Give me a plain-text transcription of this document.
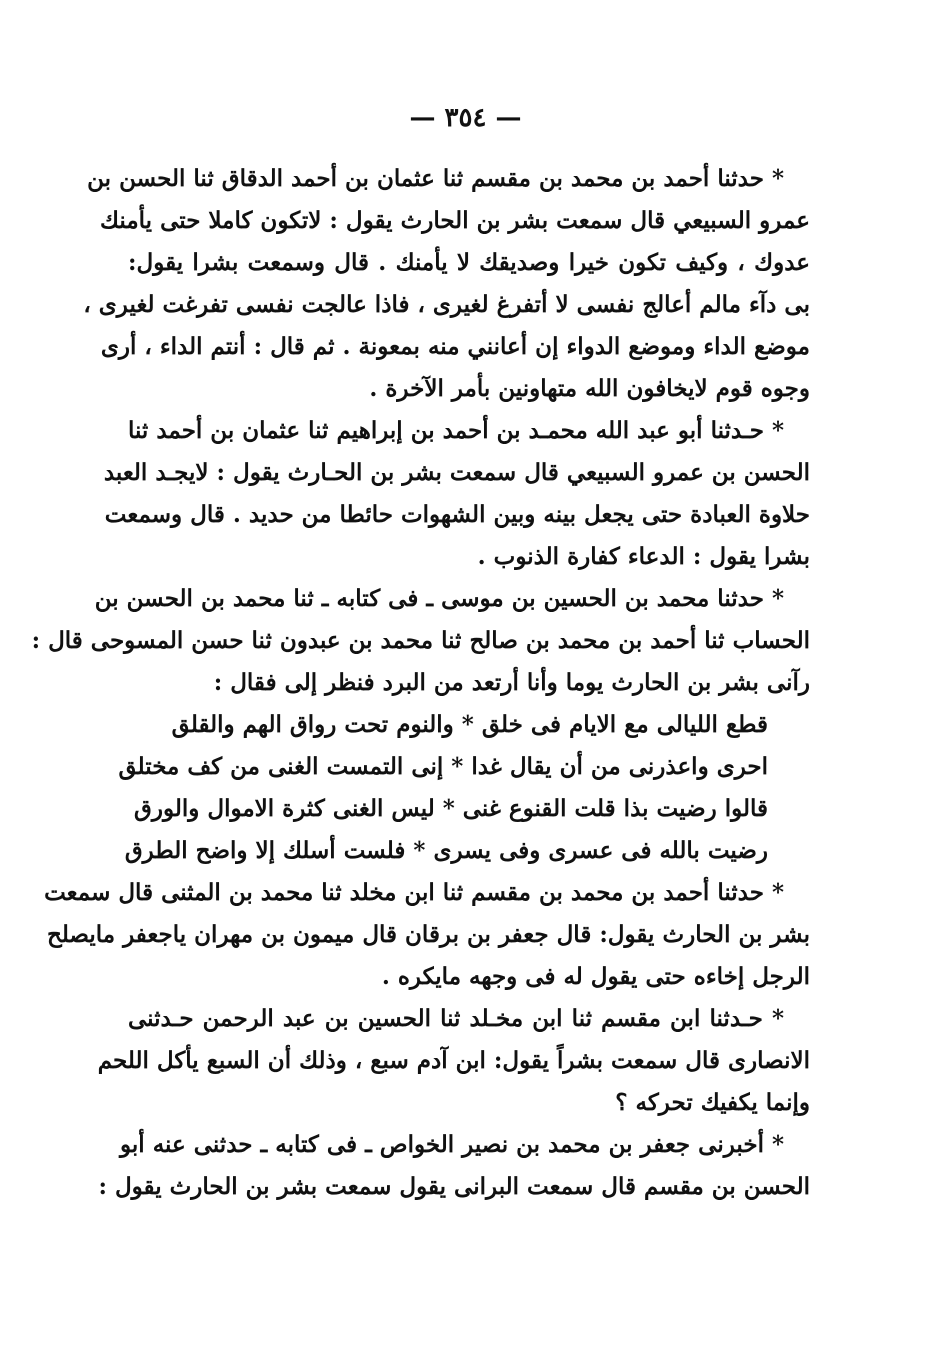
— ٣٥٤ —
* حدثنا أحمد بن محمد بن مقسم ثنا عثمان بن أحمد الدقاق ثنا الحسن بن
عمرو السبيعي قال سمعت بشر بن الحارث يقول : لاتكون كاملا حتى يأمنك
عدوك ، وكيف تكون خيرا وصديقك لا يأمنك . قال وسمعت بشرا يقول:
بى دآء مالم أعالج نفسى لا أتفرغ لغيرى ، فاذا عالجت نفسى تفرغت لغيرى ،
موضع الداء وموضع الدواء إن أعانني منه بمعونة . ثم قال : أنتم الداء ، أرى
وجوه قوم لايخافون الله متهاونين بأمر الآخرة .
* حـدثنا أبو عبد الله محمـد بن أحمد بن إبراهيم ثنا عثمان بن أحمد ثنا
الحسن بن عمرو السبيعي قال سمعت بشر بن الحـارث يقول : لايجـد العبد
حلاوة العبادة حتى يجعل بينه وبين الشهوات حائطا من حديد . قال وسمعت
بشرا يقول : الدعاء كفارة الذنوب .
* حدثنا محمد بن الحسين بن موسى ـ فى كتابه ـ ثنا محمد بن الحسن بن
الحساب ثنا أحمد بن محمد بن صالح ثنا محمد بن عبدون ثنا حسن المسوحى قال :
رآنى بشر بن الحارث يوما وأنا أرتعد من البرد فنظر إلى فقال :
قطع الليالى مع الايام فى خلق * والنوم تحت رواق الهم والقلق
احرى واعذرنى من أن يقال غدا * إنى التمست الغنى من كف مختلق
قالوا رضيت بذا قلت القنوع غنى * ليس الغنى كثرة الاموال والورق
رضيت بالله فى عسرى وفى يسرى * فلست أسلك إلا واضح الطرق
* حدثنا أحمد بن محمد بن مقسم ثنا ابن مخلد ثنا محمد بن المثنى قال سمعت
بشر بن الحارث يقول: قال جعفر بن برقان قال ميمون بن مهران ياجعفر مايصلح
الرجل إخاءه حتى يقول له فى وجهه مايكره .
* حـدثنا ابن مقسم ثنا ابن مخـلد ثنا الحسين بن عبد الرحمن حـدثنى
الانصارى قال سمعت بشراً يقول: ابن آدم سبع ، وذلك أن السبع يأكل اللحم
وإنما يكفيك تحركه ؟
* أخبرنى جعفر بن محمد بن نصير الخواص ـ فى كتابه ـ حدثنى عنه أبو
الحسن بن مقسم قال سمعت البرانى يقول سمعت بشر بن الحارث يقول :
